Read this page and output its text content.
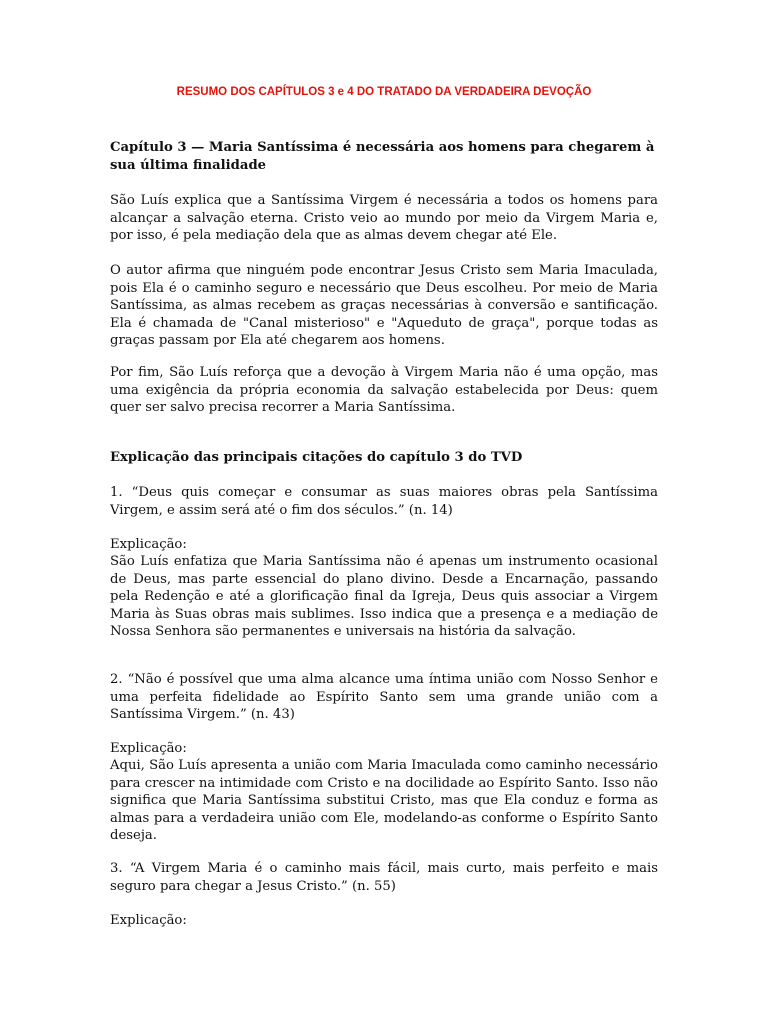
RESUMO DOS CAPÍTULOS 3 e 4 DO TRATADO DA VERDADEIRA DEVOÇÃO
Capítulo 3 — Maria Santíssima é necessária aos homens para chegarem à sua última finalidade

São Luís explica que a Santíssima Virgem é necessária a todos os homens para alcançar a salvação eterna. Cristo veio ao mundo por meio da Virgem Maria e, por isso, é pela mediação dela que as almas devem chegar até Ele.

O autor afirma que ninguém pode encontrar Jesus Cristo sem Maria Imaculada, pois Ela é o caminho seguro e necessário que Deus escolheu. Por meio de Maria Santíssima, as almas recebem as graças necessárias à conversão e santificação. Ela é chamada de "Canal misterioso" e "Aqueduto de graça", porque todas as graças passam por Ela até chegarem aos homens.

Por fim, São Luís reforça que a devoção à Virgem Maria não é uma opção, mas uma exigência da própria economia da salvação estabelecida por Deus: quem quer ser salvo precisa recorrer a Maria Santíssima.

Explicação das principais citações do capítulo 3 do TVD

1. “Deus quis começar e consumar as suas maiores obras pela Santíssima Virgem, e assim será até o fim dos séculos.” (n. 14)

Explicação:

São Luís enfatiza que Maria Santíssima não é apenas um instrumento ocasional de Deus, mas parte essencial do plano divino. Desde a Encarnação, passando pela Redenção e até a glorificação final da Igreja, Deus quis associar a Virgem Maria às Suas obras mais sublimes. Isso indica que a presença e a mediação de Nossa Senhora são permanentes e universais na história da salvação.

2. “Não é possível que uma alma alcance uma íntima união com Nosso Senhor e uma perfeita fidelidade ao Espírito Santo sem uma grande união com a Santíssima Virgem.” (n. 43)

Explicação:

Aqui, São Luís apresenta a união com Maria Imaculada como caminho necessário para crescer na intimidade com Cristo e na docilidade ao Espírito Santo. Isso não significa que Maria Santíssima substitui Cristo, mas que Ela conduz e forma as almas para a verdadeira união com Ele, modelando-as conforme o Espírito Santo deseja.

3. “A Virgem Maria é o caminho mais fácil, mais curto, mais perfeito e mais seguro para chegar a Jesus Cristo.” (n. 55)

Explicação:
